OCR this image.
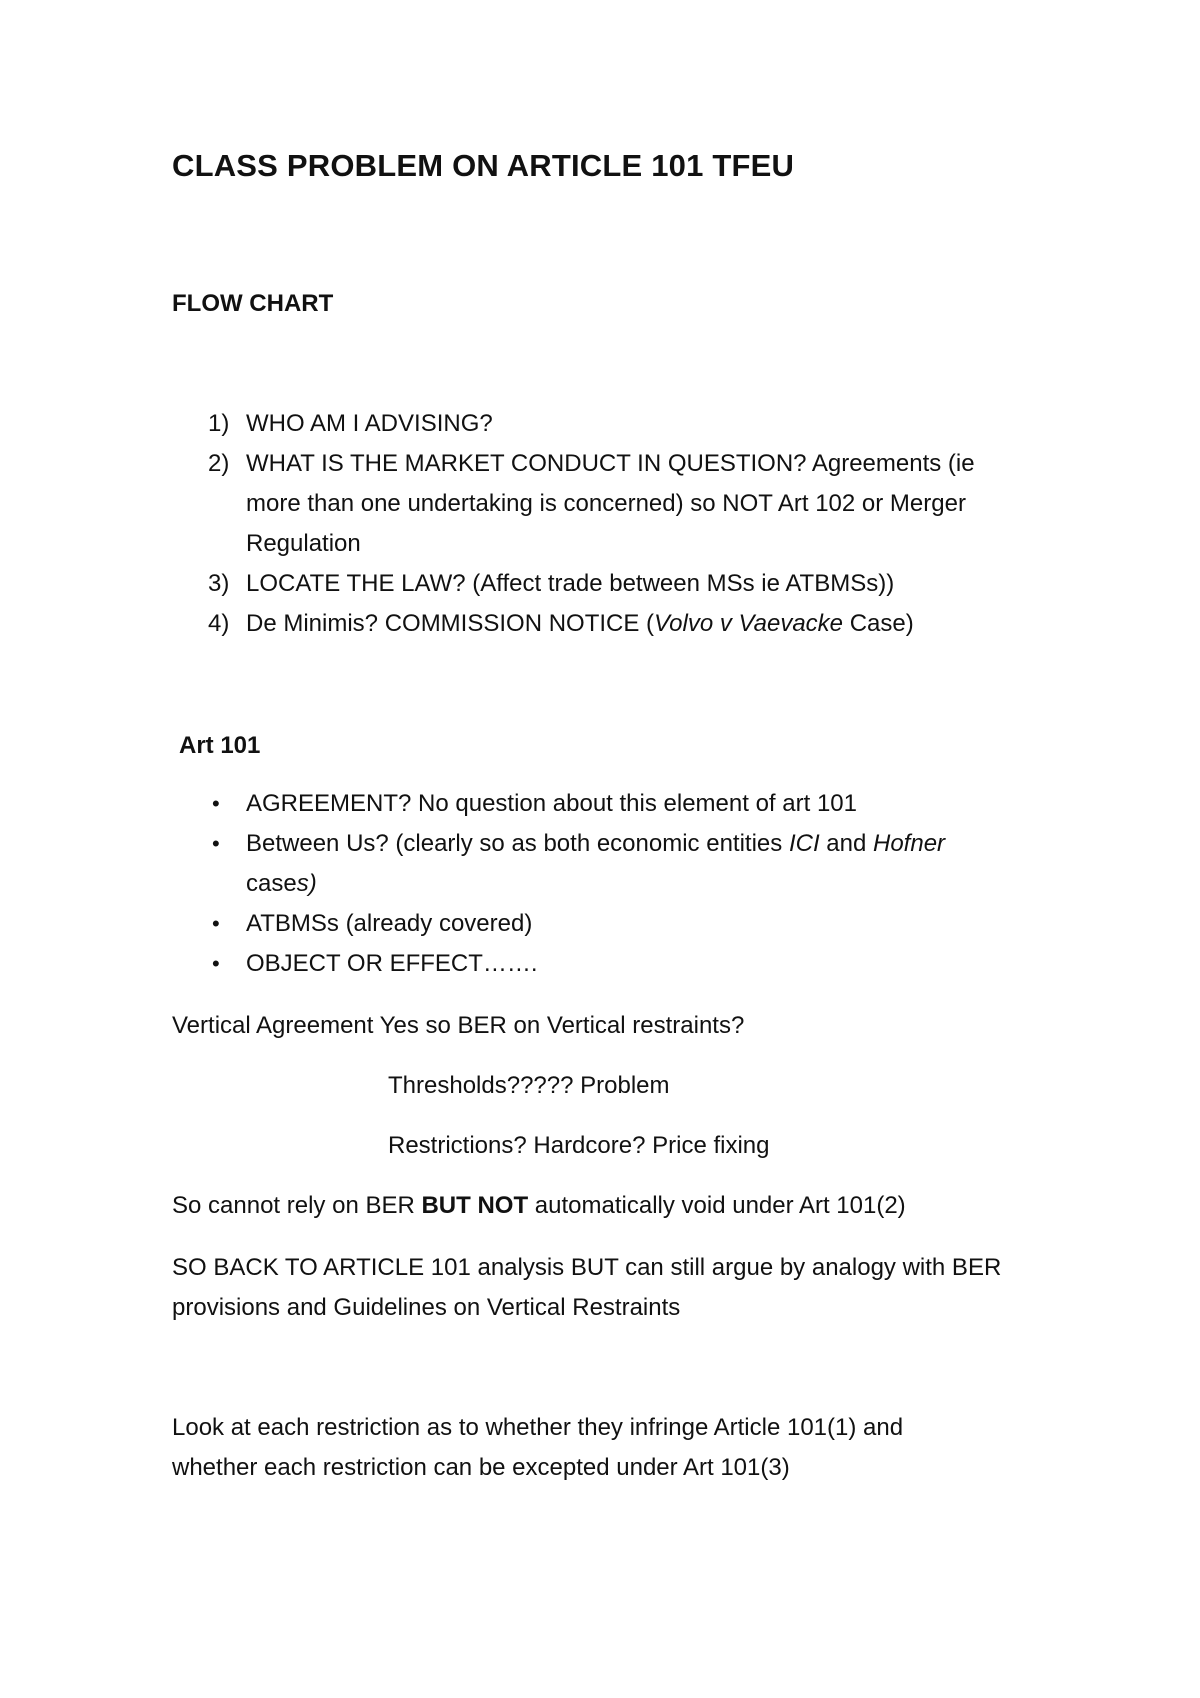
CLASS PROBLEM ON ARTICLE 101 TFEU
FLOW CHART
1) WHO AM I ADVISING?
2) WHAT IS THE MARKET CONDUCT IN QUESTION? Agreements (ie
more than one undertaking is concerned) so NOT Art 102 or Merger
Regulation
3) LOCATE THE LAW? (Affect trade between MSs ie ATBMSs))
4) De Minimis? COMMISSION NOTICE (Volvo v Vaevacke Case)
Art 101
• AGREEMENT? No question about this element of art 101
• Between Us? (clearly so as both economic entities ICI and Hofner
cases)
• ATBMSs (already covered)
• OBJECT OR EFFECT…….
Vertical Agreement Yes so BER on Vertical restraints?
Thresholds????? Problem
Restrictions? Hardcore? Price fixing
So cannot rely on BER BUT NOT automatically void under Art 101(2)
SO BACK TO ARTICLE 101 analysis BUT can still argue by analogy with BER
provisions and Guidelines on Vertical Restraints
Look at each restriction as to whether they infringe Article 101(1) and
whether each restriction can be excepted under Art 101(3)
